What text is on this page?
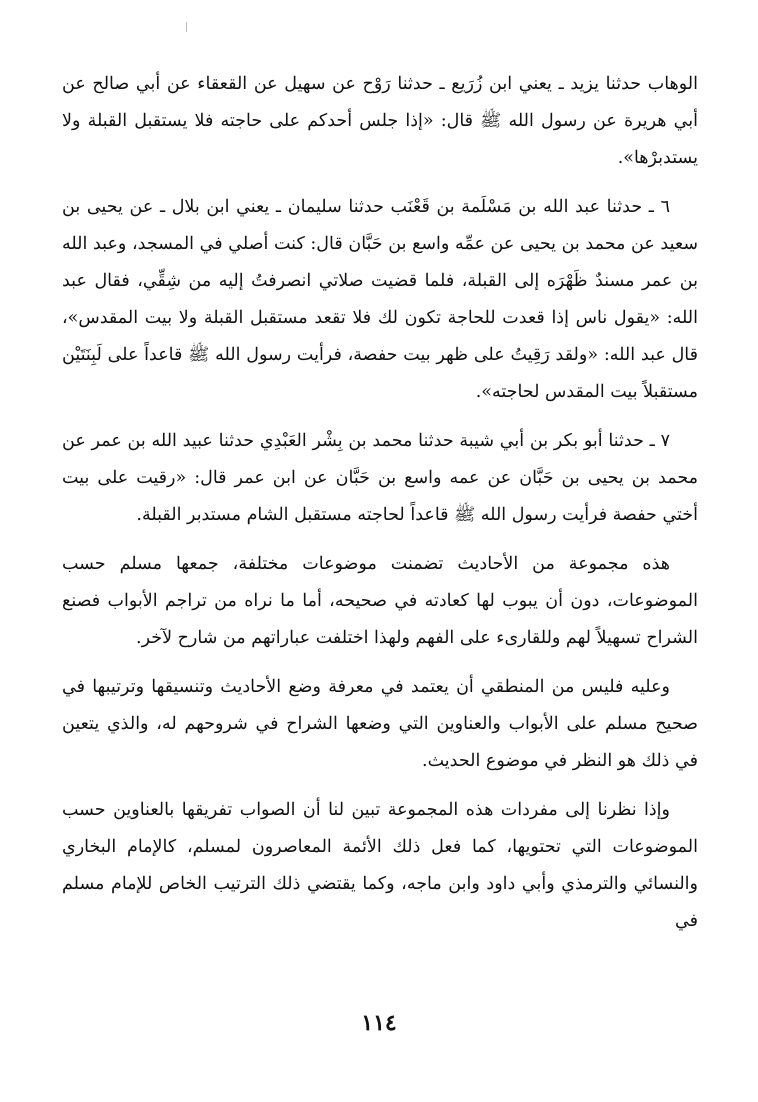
الوهاب حدثنا يزيد ـ يعني ابن زُرَيع ـ حدثنا رَوْح عن سهيل عن القعقاء عن أبي صالح عن أبي هريرة عن رسول الله ﷺ قال: «إذا جلس أحدكم على حاجته فلا يستقبل القبلة ولا يستدبرْها».

٦ ـ حدثنا عبد الله بن مَسْلَمة بن قَعْنَب حدثنا سليمان ـ يعني ابن بلال ـ عن يحيى بن سعيد عن محمد بن يحيى عن عمِّه واسع بن حَبَّان قال: كنت أصلي في المسجد، وعبد الله بن عمر مسندٌ ظَهْرَه إلى القبلة، فلما قضيت صلاتي انصرفتُ إليه من شِقِّي، فقال عبد الله: «يقول ناس إذا قعدت للحاجة تكون لك فلا تقعد مستقبل القبلة ولا بيت المقدس»، قال عبد الله: «ولقد رَقِيتُ على ظهر بيت حفصة، فرأيت رسول الله ﷺ قاعداً على لَبِنَتَيْن مستقبلاً بيت المقدس لحاجته».

٧ ـ حدثنا أبو بكر بن أبي شيبة حدثنا محمد بن بِشْر العَبْدِي حدثنا عبيد الله بن عمر عن محمد بن يحيى بن حَبَّان عن عمه واسع بن حَبَّان عن ابن عمر قال: «رقيت على بيت أختي حفصة فرأيت رسول الله ﷺ قاعداً لحاجته مستقبل الشام مستدبر القبلة.

هذه مجموعة من الأحاديث تضمنت موضوعات مختلفة، جمعها مسلم حسب الموضوعات، دون أن يبوب لها كعادته في صحيحه، أما ما نراه من تراجم الأبواب فصنع الشراح تسهيلاً لهم وللقارىء على الفهم ولهذا اختلفت عباراتهم من شارح لآخر.

وعليه فليس من المنطقي أن يعتمد في معرفة وضع الأحاديث وتنسيقها وترتيبها في صحيح مسلم على الأبواب والعناوين التي وضعها الشراح في شروحهم له، والذي يتعين في ذلك هو النظر في موضوع الحديث.

وإذا نظرنا إلى مفردات هذه المجموعة تبين لنا أن الصواب تفريقها بالعناوين حسب الموضوعات التي تحتويها، كما فعل ذلك الأئمة المعاصرون لمسلم، كالإمام البخاري والنسائي والترمذي وأبي داود وابن ماجه، وكما يقتضي ذلك الترتيب الخاص للإمام مسلم في

١١٤
